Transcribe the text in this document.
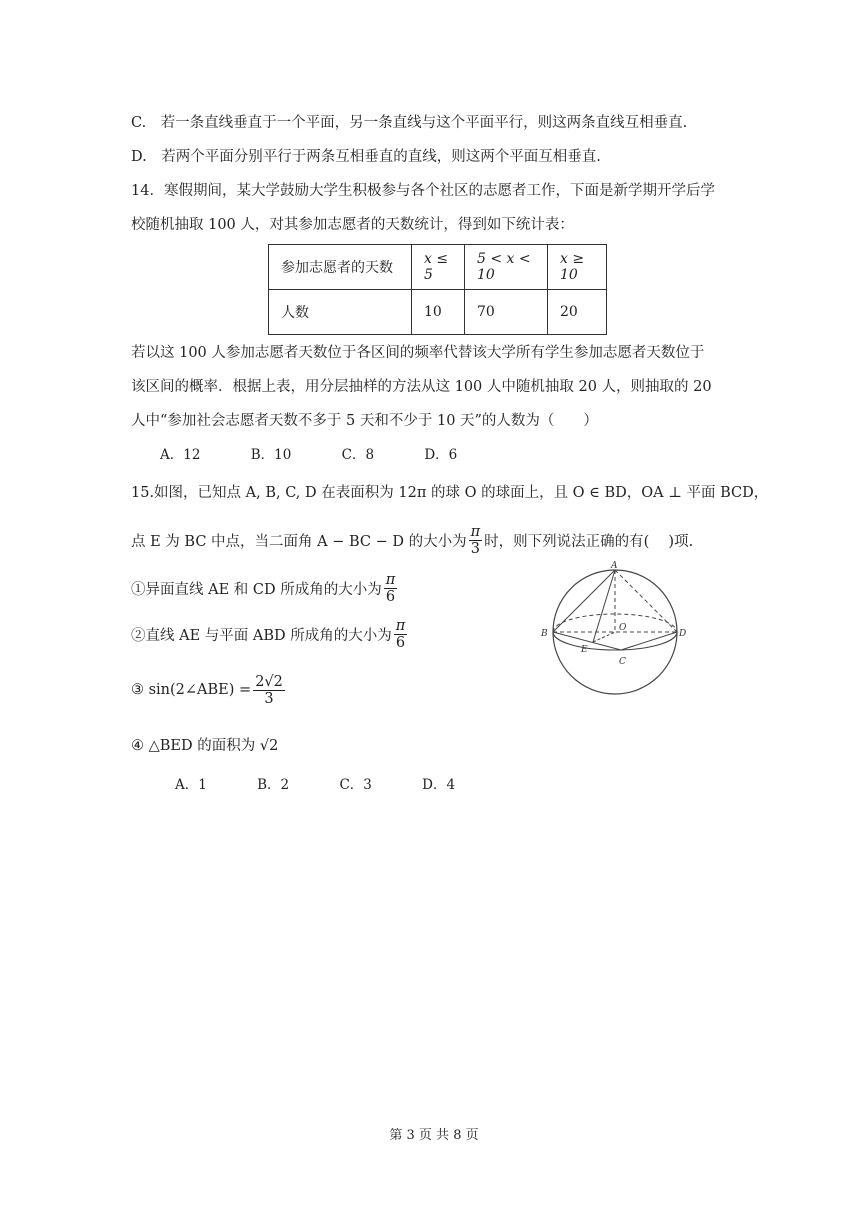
C.　若一条直线垂直于一个平面，另一条直线与这个平面平行，则这两条直线互相垂直.
D.　若两个平面分别平行于两条互相垂直的直线，则这两个平面互相垂直.
14．寒假期间，某大学鼓励大学生积极参与各个社区的志愿者工作，下面是新学期开学后学
校随机抽取 100 人，对其参加志愿者的天数统计，得到如下统计表：
参加志愿者的天数	x ≤ 5	5 < x < 10	x ≥ 10
人数	10	70	20
若以这 100 人参加志愿者天数位于各区间的频率代替该大学所有学生参加志愿者天数位于
该区间的概率．根据上表，用分层抽样的方法从这 100 人中随机抽取 20 人，则抽取的 20
人中“参加社会志愿者天数不多于 5 天和不少于 10 天”的人数为（　　）
A．12	B．10	C．8	D．6
15.如图，已知点 A, B, C, D 在表面积为 12π 的球 O 的球面上，且 O ∈ BD，OA ⊥ 平面 BCD，
点 E 为 BC 中点，当二面角 A − BC − D 的大小为 $\frac{\pi}{3}$ 时，则下列说法正确的有(　 )项.
①异面直线 AE 和 CD 所成角的大小为 $\frac{\pi}{6}$
②直线 AE 与平面 ABD 所成角的大小为 $\frac{\pi}{6}$
③ sin(2∠ABE) = $\frac{2√2}{3}$
④ △BED 的面积为 √2
A．1	B．2	C．3	D．4
A
B	D
O
E
C
第 3 页 共 8 页
